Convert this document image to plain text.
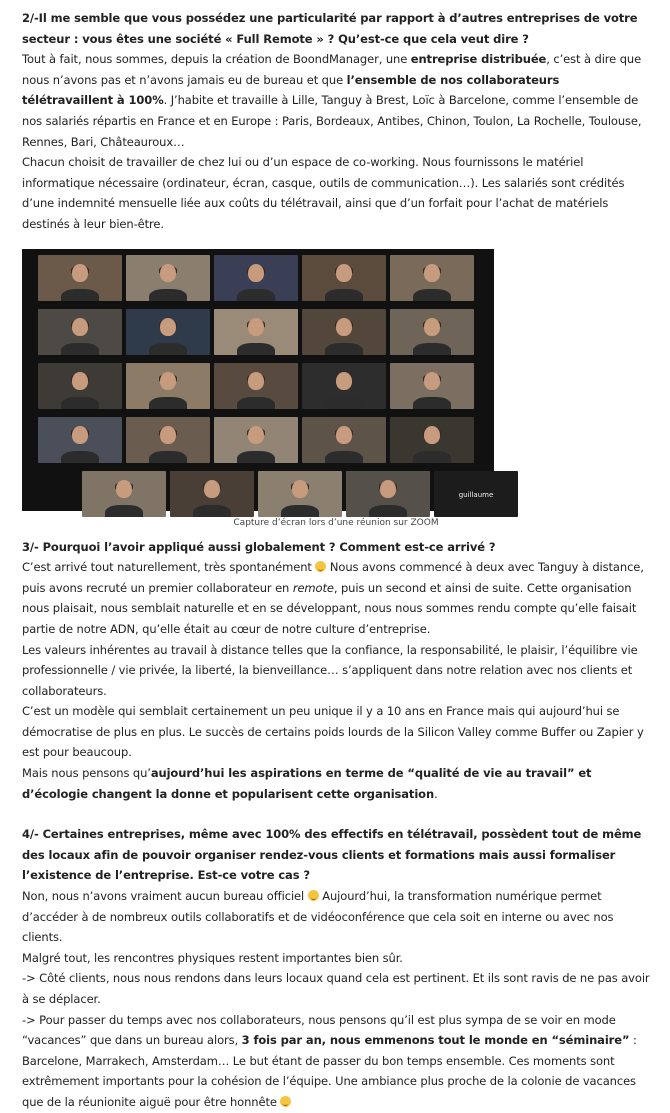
2/-Il me semble que vous possédez une particularité par rapport à d’autres entreprises de votre secteur : vous êtes une société « Full Remote » ? Qu’est-ce que cela veut dire ?

Tout à fait, nous sommes, depuis la création de BoondManager, une entreprise distribuée, c’est à dire que nous n’avons pas et n’avons jamais eu de bureau et que l’ensemble de nos collaborateurs télétravaillent à 100%. J’habite et travaille à Lille, Tanguy à Brest, Loïc à Barcelone, comme l’ensemble de nos salariés répartis en France et en Europe : Paris, Bordeaux, Antibes, Chinon, Toulon, La Rochelle, Toulouse, Rennes, Bari, Châteauroux…

Chacun choisit de travailler de chez lui ou d’un espace de co-working. Nous fournissons le matériel informatique nécessaire (ordinateur, écran, casque, outils de communication…). Les salariés sont crédités d’une indemnité mensuelle liée aux coûts du télétravail, ainsi que d’un forfait pour l’achat de matériels destinés à leur bien-être.

guillaume
Capture d’écran lors d’une réunion sur ZOOM

3/- Pourquoi l’avoir appliqué aussi globalement ? Comment est-ce arrivé ?

C’est arrivé tout naturellement, très spontanément  Nous avons commencé à deux avec Tanguy à distance, puis avons recruté un premier collaborateur en remote, puis un second et ainsi de suite. Cette organisation nous plaisait, nous semblait naturelle et en se développant, nous nous sommes rendu compte qu’elle faisait partie de notre ADN, qu’elle était au cœur de notre culture d’entreprise.

Les valeurs inhérentes au travail à distance telles que la confiance, la responsabilité, le plaisir, l’équilibre vie professionnelle / vie privée, la liberté, la bienveillance… s’appliquent dans notre relation avec nos clients et collaborateurs.

C’est un modèle qui semblait certainement un peu unique il y a 10 ans en France mais qui aujourd’hui se démocratise de plus en plus. Le succès de certains poids lourds de la Silicon Valley comme Buffer ou Zapier y est pour beaucoup.

Mais nous pensons qu’aujourd’hui les aspirations en terme de “qualité de vie au travail” et d’écologie changent la donne et popularisent cette organisation.

4/- Certaines entreprises, même avec 100% des effectifs en télétravail, possèdent tout de même des locaux afin de pouvoir organiser rendez-vous clients et formations mais aussi formaliser l’existence de l’entreprise. Est-ce votre cas ?

Non, nous n’avons vraiment aucun bureau officiel  Aujourd’hui, la transformation numérique permet d’accéder à de nombreux outils collaboratifs et de vidéoconférence que cela soit en interne ou avec nos clients.

Malgré tout, les rencontres physiques restent importantes bien sûr.

-> Côté clients, nous nous rendons dans leurs locaux quand cela est pertinent. Et ils sont ravis de ne pas avoir à se déplacer.

-> Pour passer du temps avec nos collaborateurs, nous pensons qu’il est plus sympa de se voir en mode “vacances” que dans un bureau alors, 3 fois par an, nous emmenons tout le monde en “séminaire” : Barcelone, Marrakech, Amsterdam… Le but étant de passer du bon temps ensemble. Ces moments sont extrêmement importants pour la cohésion de l’équipe. Une ambiance plus proche de la colonie de vacances que de la réunionite aiguë pour être honnête
